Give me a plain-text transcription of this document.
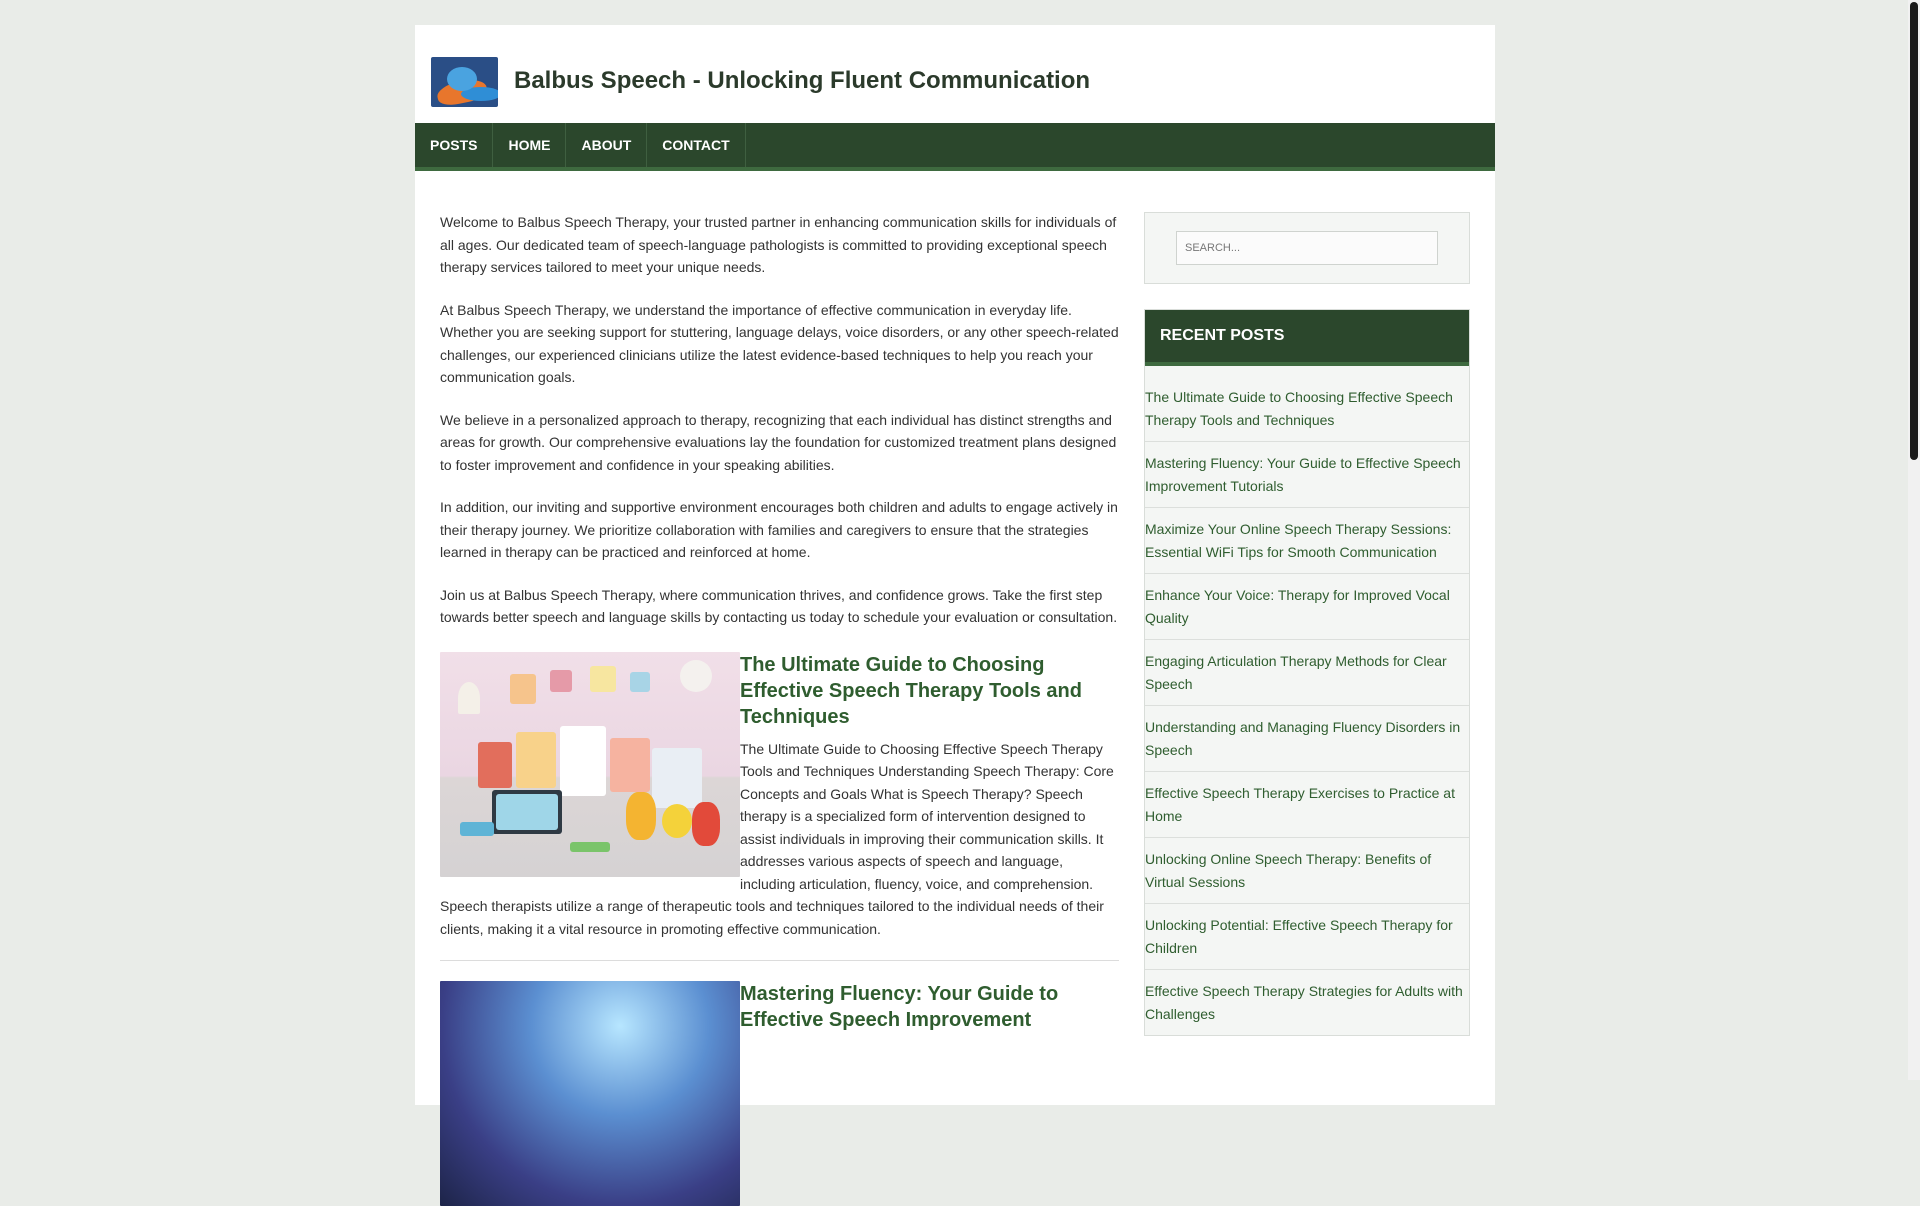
Balbus Speech - Unlocking Fluent Communication
POSTS	HOME	ABOUT	CONTACT

Welcome to Balbus Speech Therapy, your trusted partner in enhancing communication skills for individuals of all ages. Our dedicated team of speech-language pathologists is committed to providing exceptional speech therapy services tailored to meet your unique needs.

At Balbus Speech Therapy, we understand the importance of effective communication in everyday life. Whether you are seeking support for stuttering, language delays, voice disorders, or any other speech-related challenges, our experienced clinicians utilize the latest evidence-based techniques to help you reach your communication goals.

We believe in a personalized approach to therapy, recognizing that each individual has distinct strengths and areas for growth. Our comprehensive evaluations lay the foundation for customized treatment plans designed to foster improvement and confidence in your speaking abilities.

In addition, our inviting and supportive environment encourages both children and adults to engage actively in their therapy journey. We prioritize collaboration with families and caregivers to ensure that the strategies learned in therapy can be practiced and reinforced at home.

Join us at Balbus Speech Therapy, where communication thrives, and confidence grows. Take the first step towards better speech and language skills by contacting us today to schedule your evaluation or consultation.

The Ultimate Guide to Choosing Effective Speech Therapy Tools and Techniques
The Ultimate Guide to Choosing Effective Speech Therapy Tools and Techniques Understanding Speech Therapy: Core Concepts and Goals What is Speech Therapy? Speech therapy is a specialized form of intervention designed to assist individuals in improving their communication skills. It addresses various aspects of speech and language, including articulation, fluency, voice, and comprehension. Speech therapists utilize a range of therapeutic tools and techniques tailored to the individual needs of their clients, making it a vital resource in promoting effective communication.
Mastering Fluency: Your Guide to Effective Speech Improvement
SEARCH...
RECENT POSTS
The Ultimate Guide to Choosing Effective Speech Therapy Tools and Techniques
Mastering Fluency: Your Guide to Effective Speech Improvement Tutorials
Maximize Your Online Speech Therapy Sessions: Essential WiFi Tips for Smooth Communication
Enhance Your Voice: Therapy for Improved Vocal Quality
Engaging Articulation Therapy Methods for Clear Speech
Understanding and Managing Fluency Disorders in Speech
Effective Speech Therapy Exercises to Practice at Home
Unlocking Online Speech Therapy: Benefits of Virtual Sessions
Unlocking Potential: Effective Speech Therapy for Children
Effective Speech Therapy Strategies for Adults with Challenges
